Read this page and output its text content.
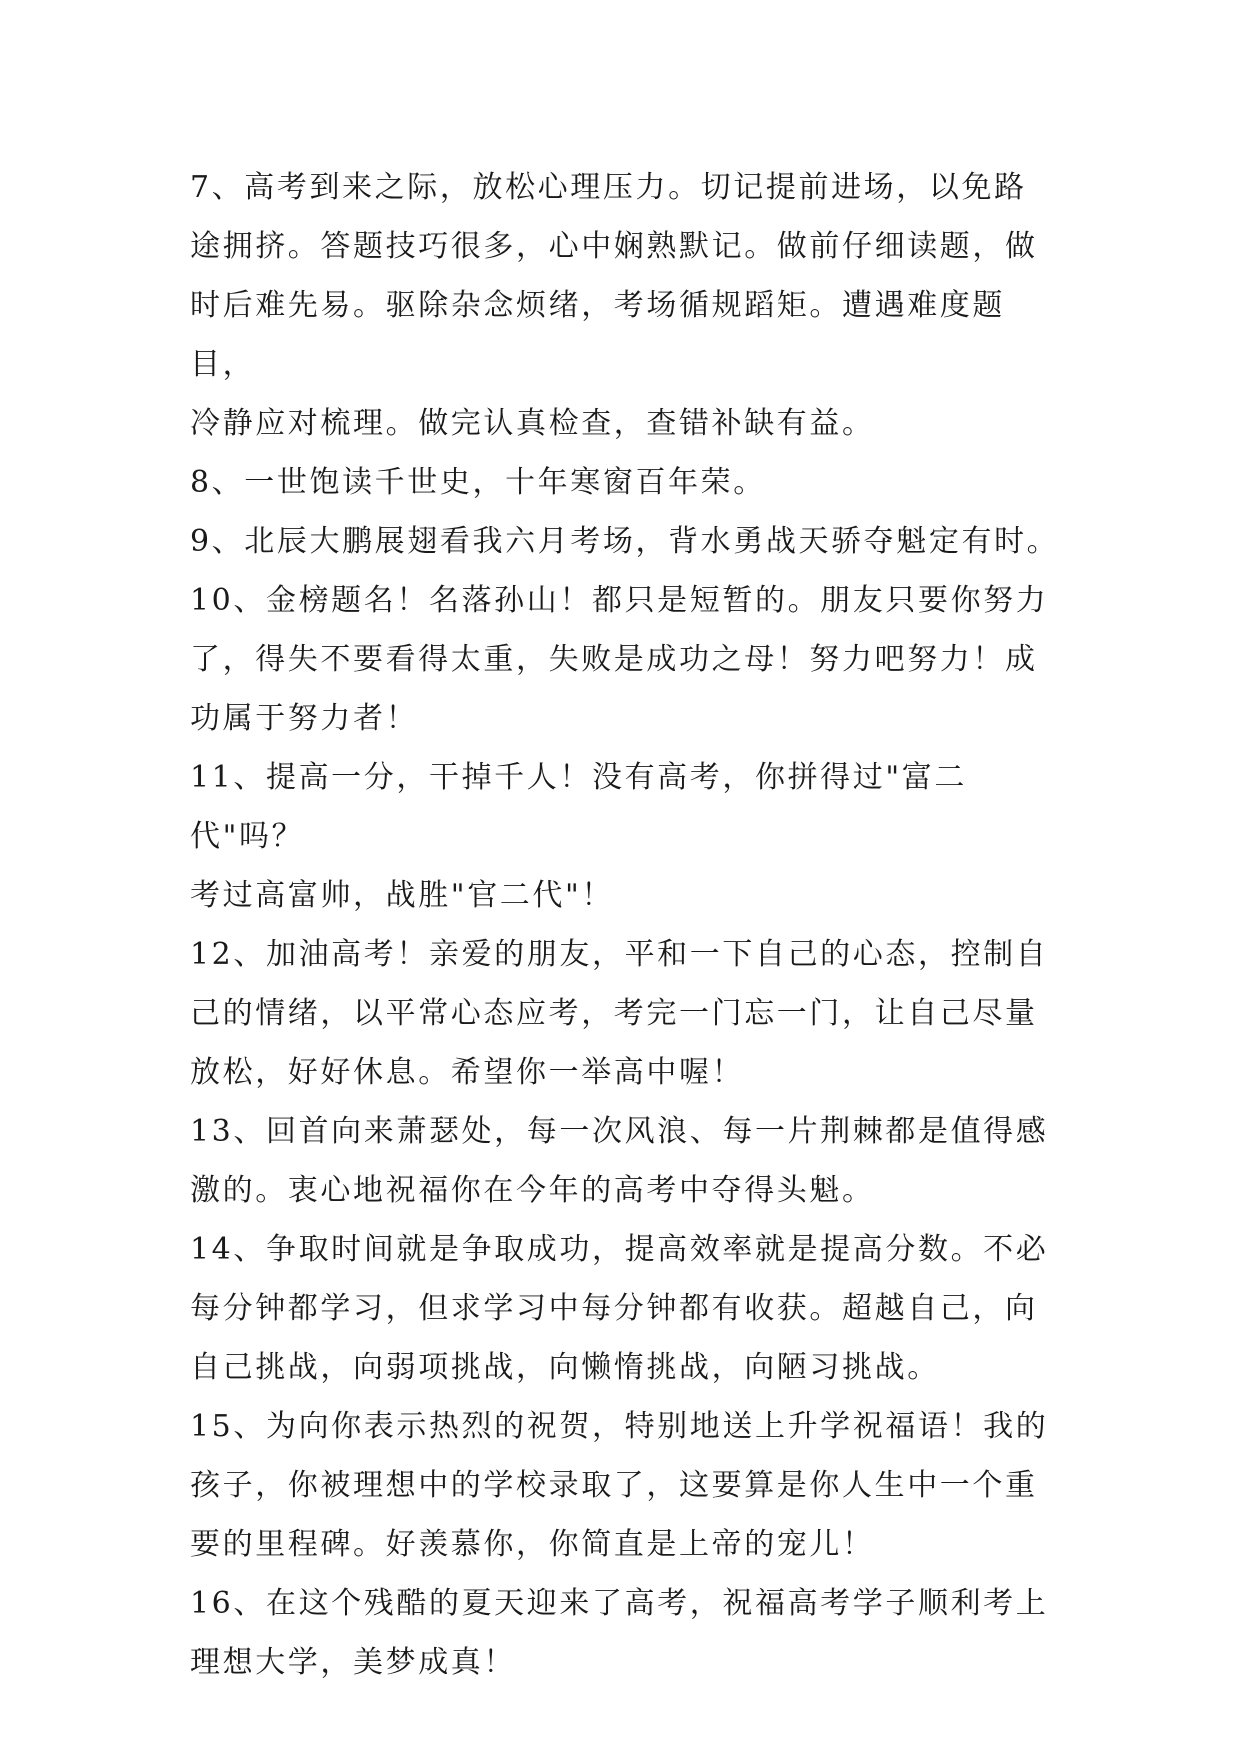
7、高考到来之际，放松心理压力。切记提前进场，以免路
途拥挤。答题技巧很多，心中娴熟默记。做前仔细读题，做
时后难先易。驱除杂念烦绪，考场循规蹈矩。遭遇难度题目，
冷静应对梳理。做完认真检查，查错补缺有益。

8、一世饱读千世史，十年寒窗百年荣。

9、北辰大鹏展翅看我六月考场，背水勇战天骄夺魁定有时。

10、金榜题名！名落孙山！都只是短暂的。朋友只要你努力
了，得失不要看得太重，失败是成功之母！努力吧努力！成
功属于努力者！

11、提高一分，干掉千人！没有高考，你拼得过"富二代"吗？
考过高富帅，战胜"官二代"！

12、加油高考！亲爱的朋友，平和一下自己的心态，控制自
己的情绪，以平常心态应考，考完一门忘一门，让自己尽量
放松，好好休息。希望你一举高中喔！

13、回首向来萧瑟处，每一次风浪、每一片荆棘都是值得感
激的。衷心地祝福你在今年的高考中夺得头魁。

14、争取时间就是争取成功，提高效率就是提高分数。不必
每分钟都学习，但求学习中每分钟都有收获。超越自己，向
自己挑战，向弱项挑战，向懒惰挑战，向陋习挑战。

15、为向你表示热烈的祝贺，特别地送上升学祝福语！我的
孩子，你被理想中的学校录取了，这要算是你人生中一个重
要的里程碑。好羡慕你，你简直是上帝的宠儿！

16、在这个残酷的夏天迎来了高考，祝福高考学子顺利考上
理想大学，美梦成真！
